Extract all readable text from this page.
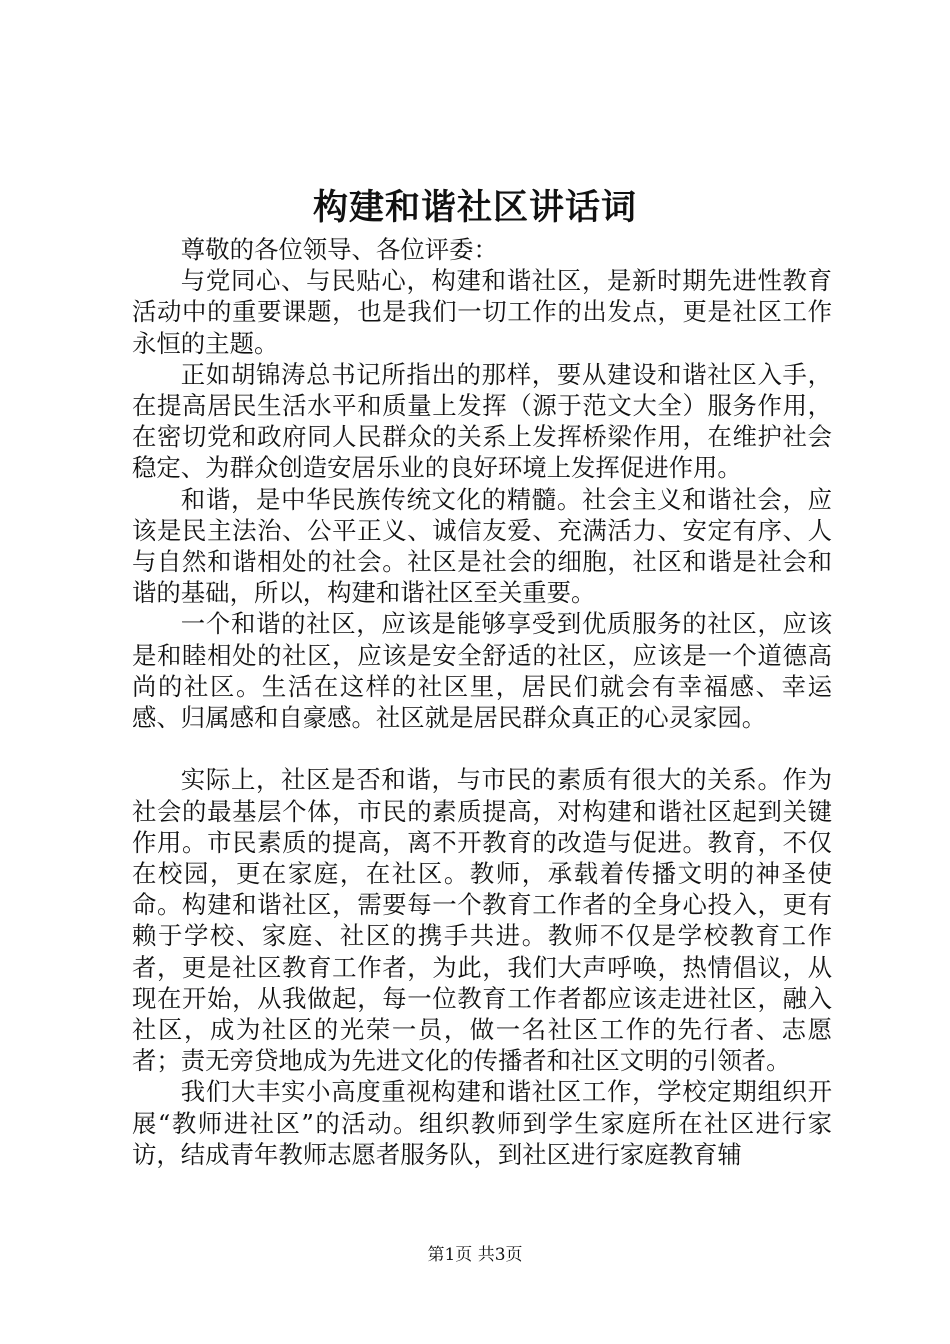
构建和谐社区讲话词

尊敬的各位领导、各位评委：

与党同心、与民贴心，构建和谐社区，是新时期先进性教育活动中的重要课题，也是我们一切工作的出发点，更是社区工作永恒的主题。

正如胡锦涛总书记所指出的那样，要从建设和谐社区入手，在提高居民生活水平和质量上发挥（源于范文大全）服务作用，在密切党和政府同人民群众的关系上发挥桥梁作用，在维护社会稳定、为群众创造安居乐业的良好环境上发挥促进作用。

和谐，是中华民族传统文化的精髓。社会主义和谐社会，应该是民主法治、公平正义、诚信友爱、充满活力、安定有序、人与自然和谐相处的社会。社区是社会的细胞，社区和谐是社会和谐的基础，所以，构建和谐社区至关重要。

一个和谐的社区，应该是能够享受到优质服务的社区，应该是和睦相处的社区，应该是安全舒适的社区，应该是一个道德高尚的社区。生活在这样的社区里，居民们就会有幸福感、幸运感、归属感和自豪感。社区就是居民群众真正的心灵家园。

实际上，社区是否和谐，与市民的素质有很大的关系。作为社会的最基层个体，市民的素质提高，对构建和谐社区起到关键作用。市民素质的提高，离不开教育的改造与促进。教育，不仅在校园，更在家庭，在社区。教师，承载着传播文明的神圣使命。构建和谐社区，需要每一个教育工作者的全身心投入，更有赖于学校、家庭、社区的携手共进。教师不仅是学校教育工作者，更是社区教育工作者，为此，我们大声呼唤，热情倡议，从现在开始，从我做起，每一位教育工作者都应该走进社区，融入社区，成为社区的光荣一员，做一名社区工作的先行者、志愿者；责无旁贷地成为先进文化的传播者和社区文明的引领者。

我们大丰实小高度重视构建和谐社区工作，学校定期组织开展“教师进社区”的活动。组织教师到学生家庭所在社区进行家访，结成青年教师志愿者服务队，到社区进行家庭教育辅

第1页 共3页
